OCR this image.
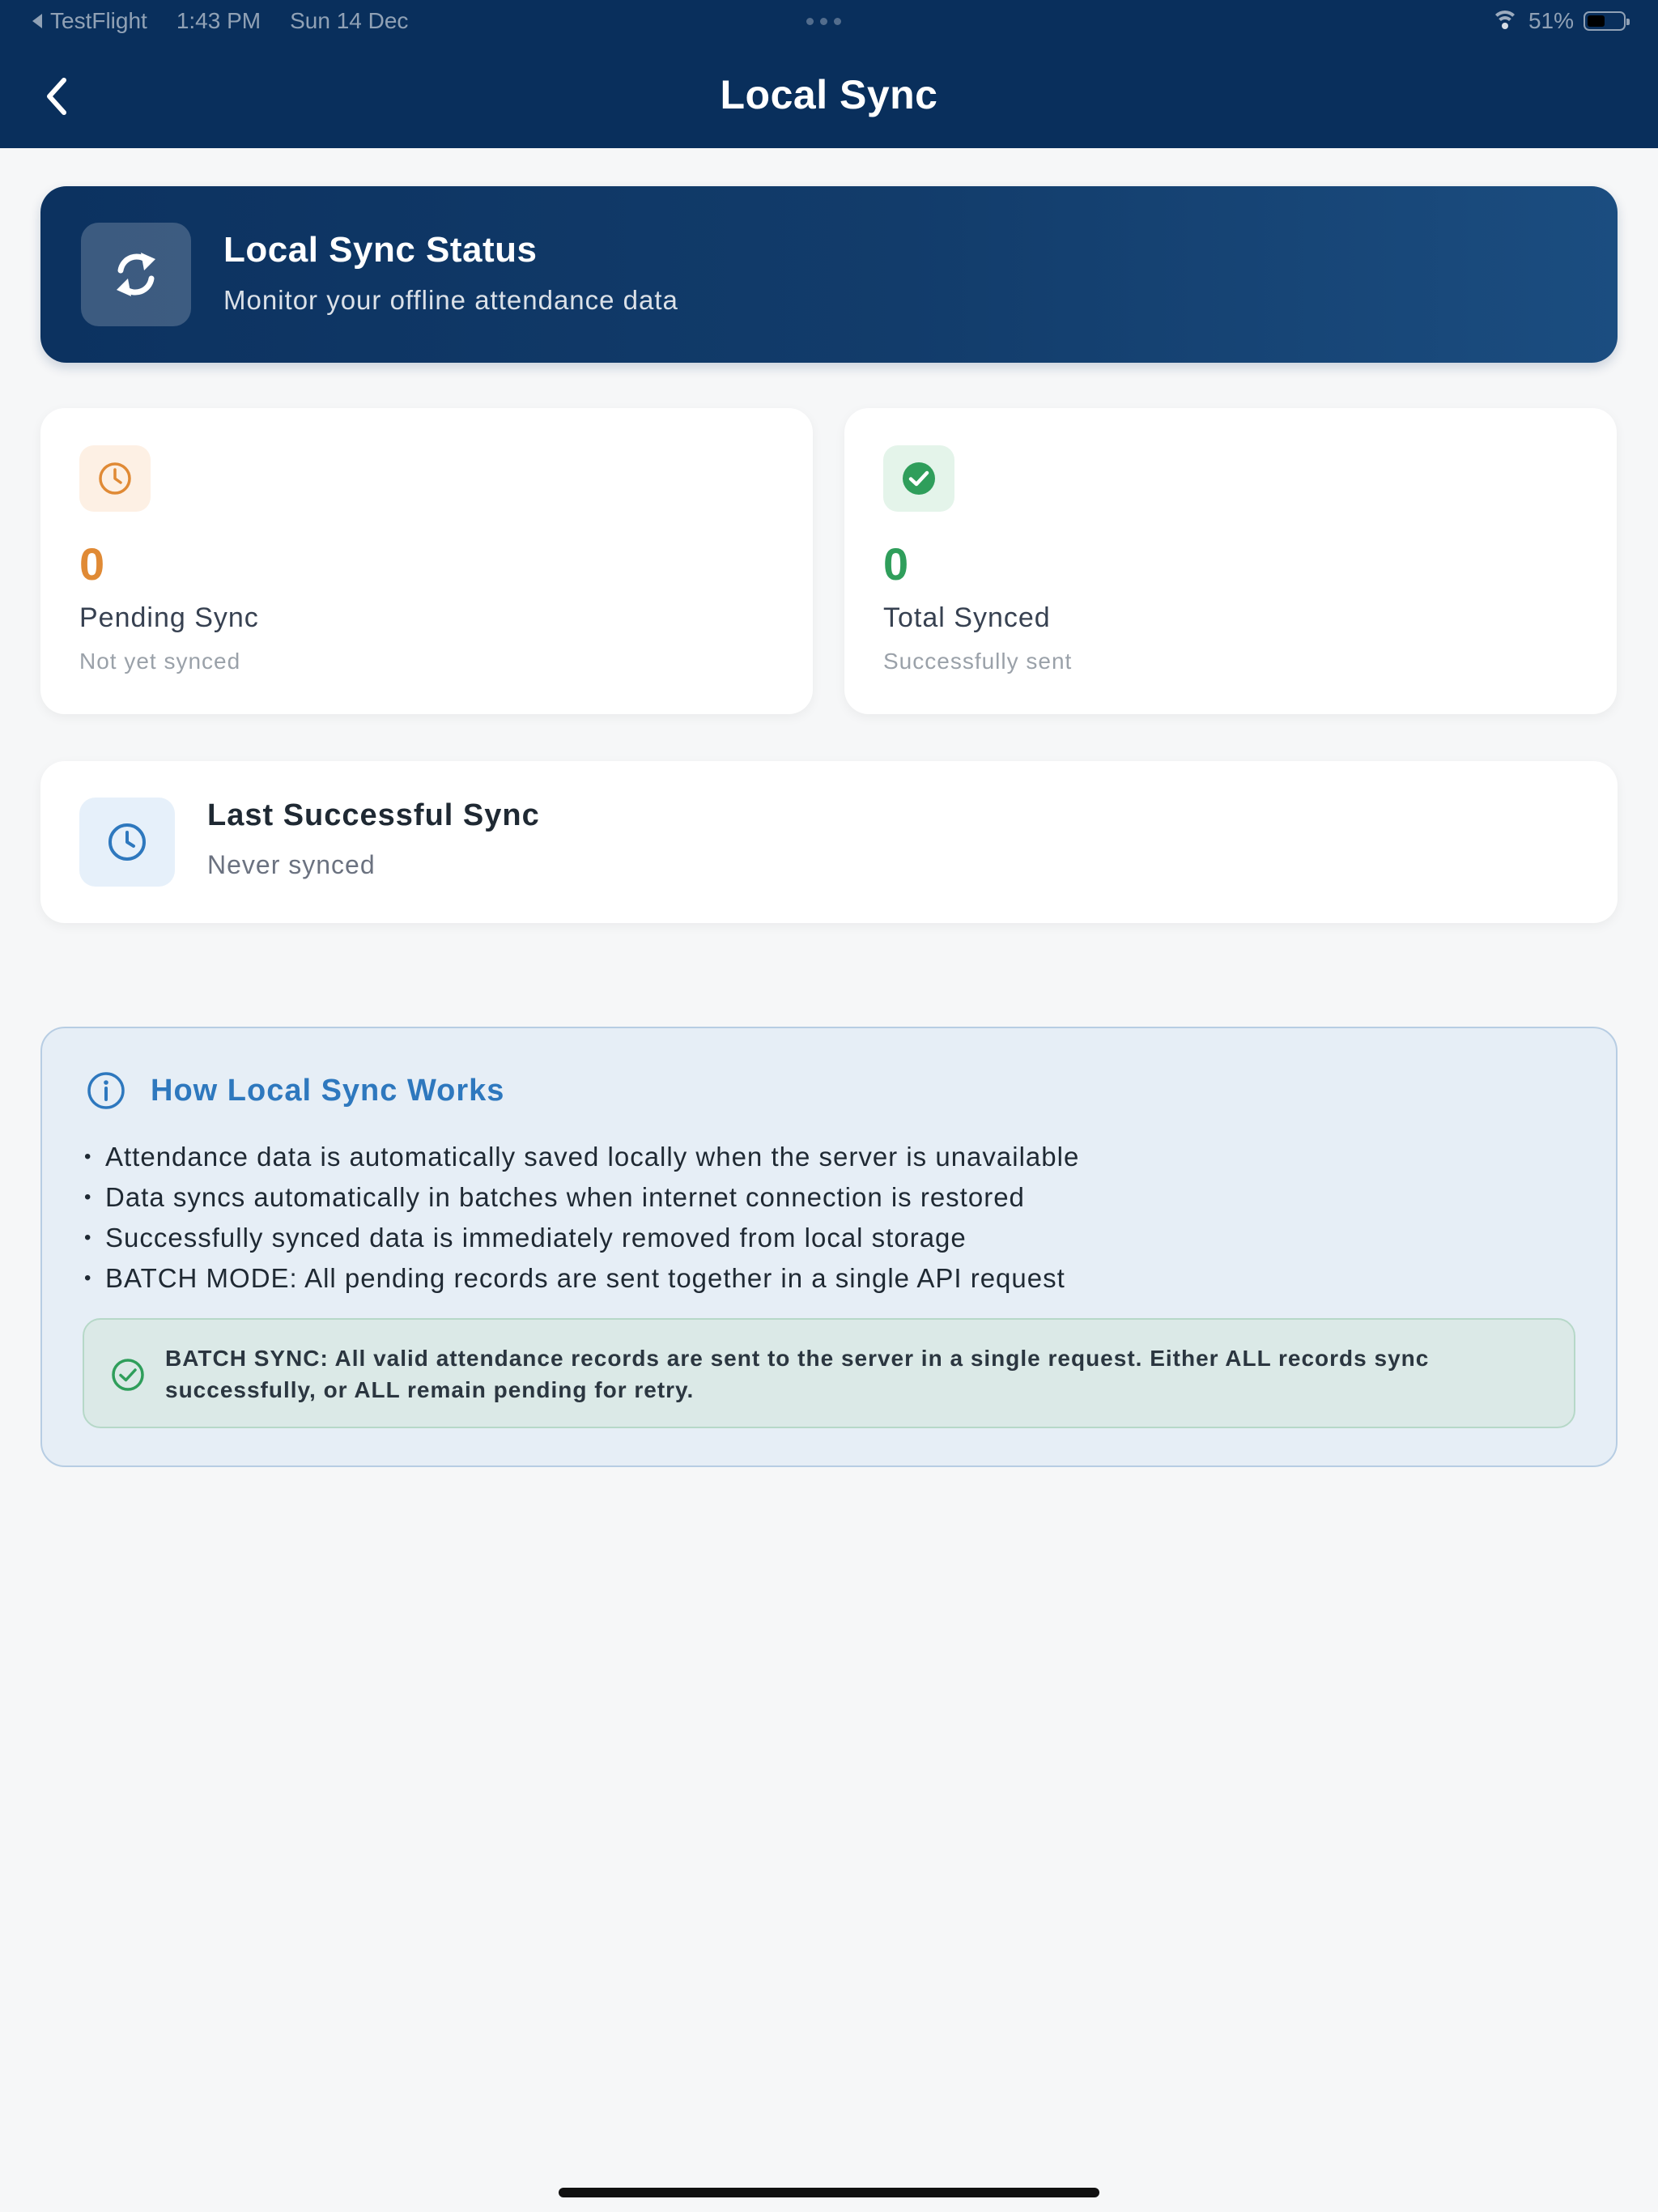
TestFlight 1:43 PM Sun 14 Dec	51%
Local Sync
Local Sync Status
Monitor your offline attendance data
0
Pending Sync
Not yet synced
0
Total Synced
Successfully sent
Last Successful Sync
Never synced
How Local Sync Works
• Attendance data is automatically saved locally when the server is unavailable
• Data syncs automatically in batches when internet connection is restored
• Successfully synced data is immediately removed from local storage
• BATCH MODE: All pending records are sent together in a single API request
BATCH SYNC: All valid attendance records are sent to the server in a single request. Either ALL records sync successfully, or ALL remain pending for retry.
